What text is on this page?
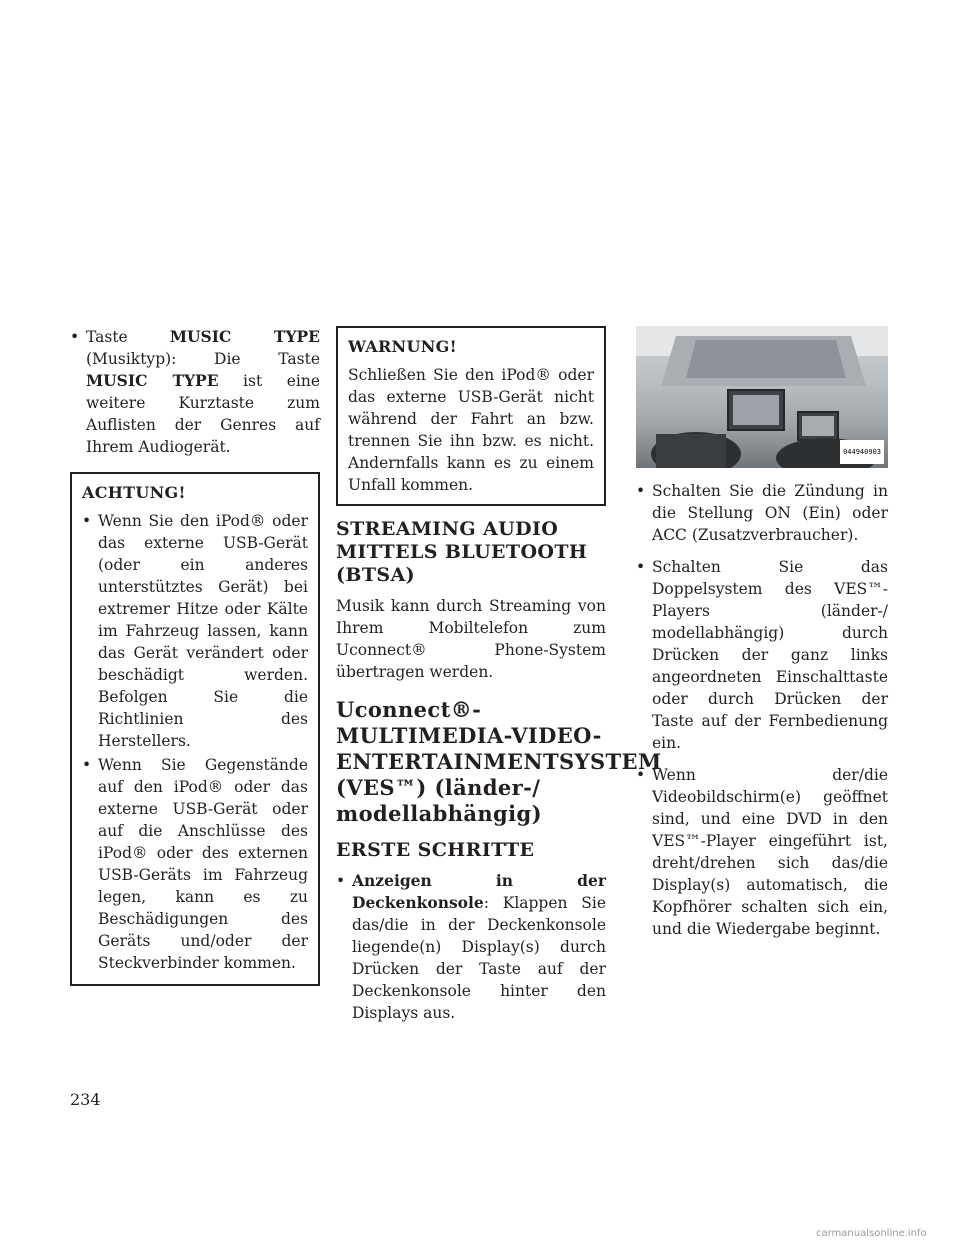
• Taste MUSIC TYPE (Musiktyp): Die Taste MUSIC TYPE ist eine weitere Kurztaste zum Auflisten der Genres auf Ihrem Audiogerät.

ACHTUNG!

• Wenn Sie den iPod® oder das externe USB-Gerät (oder ein anderes unterstütztes Gerät) bei extremer Hitze oder Kälte im Fahrzeug lassen, kann das Gerät verändert oder beschädigt werden. Befolgen Sie die Richtlinien des Herstellers.

• Wenn Sie Gegenstände auf den iPod® oder das externe USB-Gerät oder auf die Anschlüsse des iPod® oder des externen USB-Geräts im Fahrzeug legen, kann es zu Beschädigungen des Geräts und/oder der Steckverbinder kommen.

WARNUNG!

Schließen Sie den iPod® oder das externe USB-Gerät nicht während der Fahrt an bzw. trennen Sie ihn bzw. es nicht. Andernfalls kann es zu einem Unfall kommen.

STREAMING AUDIO MITTELS BLUETOOTH (BTSA)

Musik kann durch Streaming von Ihrem Mobiltelefon zum Uconnect® Phone-System übertragen werden.

Uconnect®-MULTIMEDIA-VIDEO-ENTERTAINMENTSYSTEM (VES™) (länder-/ modellabhängig)
ERSTE SCHRITTE

• Anzeigen in der Deckenkonsole: Klappen Sie das/die in der Deckenkonsole liegende(n) Display(s) durch Drücken der Taste auf der Deckenkonsole hinter den Displays aus.

044940903

• Schalten Sie die Zündung in die Stellung ON (Ein) oder ACC (Zusatzverbraucher).

• Schalten Sie das Doppelsystem des VES™-Players (länder-/ modellabhängig) durch Drücken der ganz links angeordneten Einschalttaste oder durch Drücken der Taste auf der Fernbedienung ein.

• Wenn der/die Videobildschirm(e) geöffnet sind, und eine DVD in den VES™-Player eingeführt ist, dreht/drehen sich das/die Display(s) automatisch, die Kopfhörer schalten sich ein, und die Wiedergabe beginnt.

234
carmanualsonline.info
